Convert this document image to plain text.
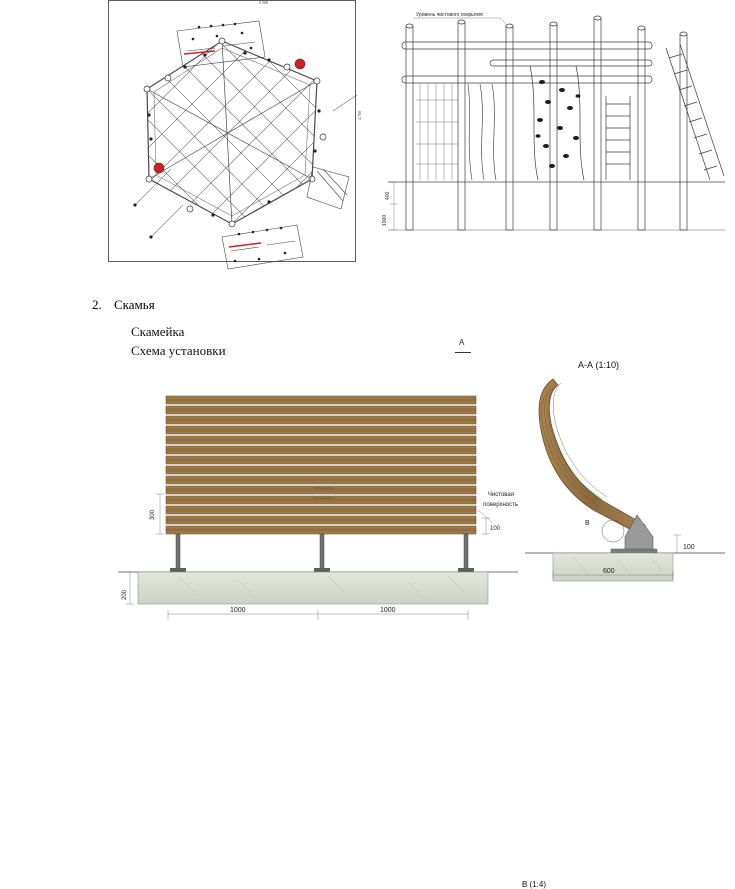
5 500
4 700
Уровень чистового покрытия
400
1000
2. Скамья
Скамейка
Схема установки
A
А-А (1:10)
300
100
200
1000	1000
Чистовая
поверхность
В
100
600
В (1:4)
